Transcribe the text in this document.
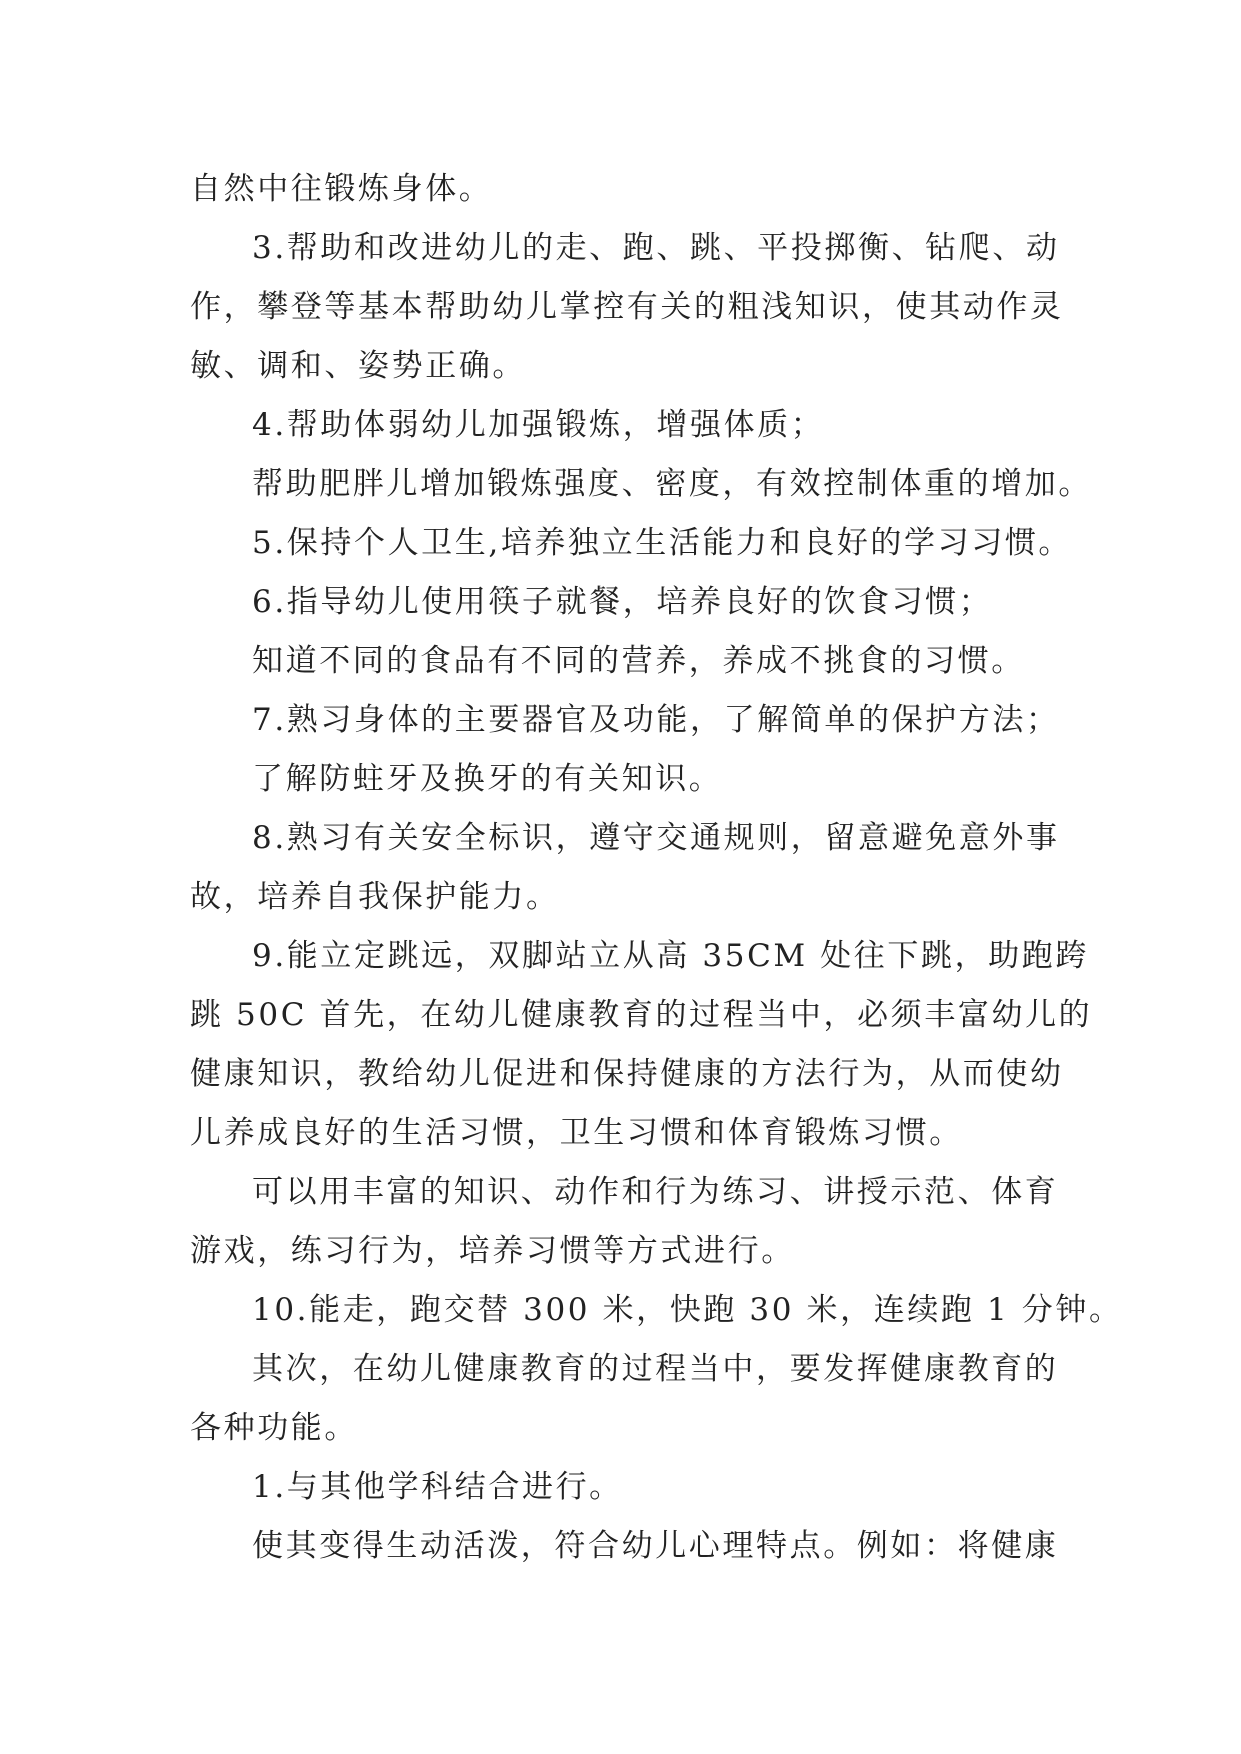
自然中往锻炼身体。
3.帮助和改进幼儿的走、跑、跳、平投掷衡、钻爬、动
作，攀登等基本帮助幼儿掌控有关的粗浅知识，使其动作灵
敏、调和、姿势正确。
4.帮助体弱幼儿加强锻炼，增强体质；
帮助肥胖儿增加锻炼强度、密度，有效控制体重的增加。
5.保持个人卫生,培养独立生活能力和良好的学习习惯。
6.指导幼儿使用筷子就餐，培养良好的饮食习惯；
知道不同的食品有不同的营养，养成不挑食的习惯。
7.熟习身体的主要器官及功能，了解简单的保护方法；
了解防蛀牙及换牙的有关知识。
8.熟习有关安全标识，遵守交通规则，留意避免意外事
故，培养自我保护能力。
9.能立定跳远，双脚站立从高 35CM 处往下跳，助跑跨
跳 50C 首先，在幼儿健康教育的过程当中，必须丰富幼儿的
健康知识，教给幼儿促进和保持健康的方法行为，从而使幼
儿养成良好的生活习惯，卫生习惯和体育锻炼习惯。
可以用丰富的知识、动作和行为练习、讲授示范、体育
游戏，练习行为，培养习惯等方式进行。
10.能走，跑交替 300 米，快跑 30 米，连续跑 1 分钟。
其次，在幼儿健康教育的过程当中，要发挥健康教育的
各种功能。
1.与其他学科结合进行。
使其变得生动活泼，符合幼儿心理特点。例如：将健康
